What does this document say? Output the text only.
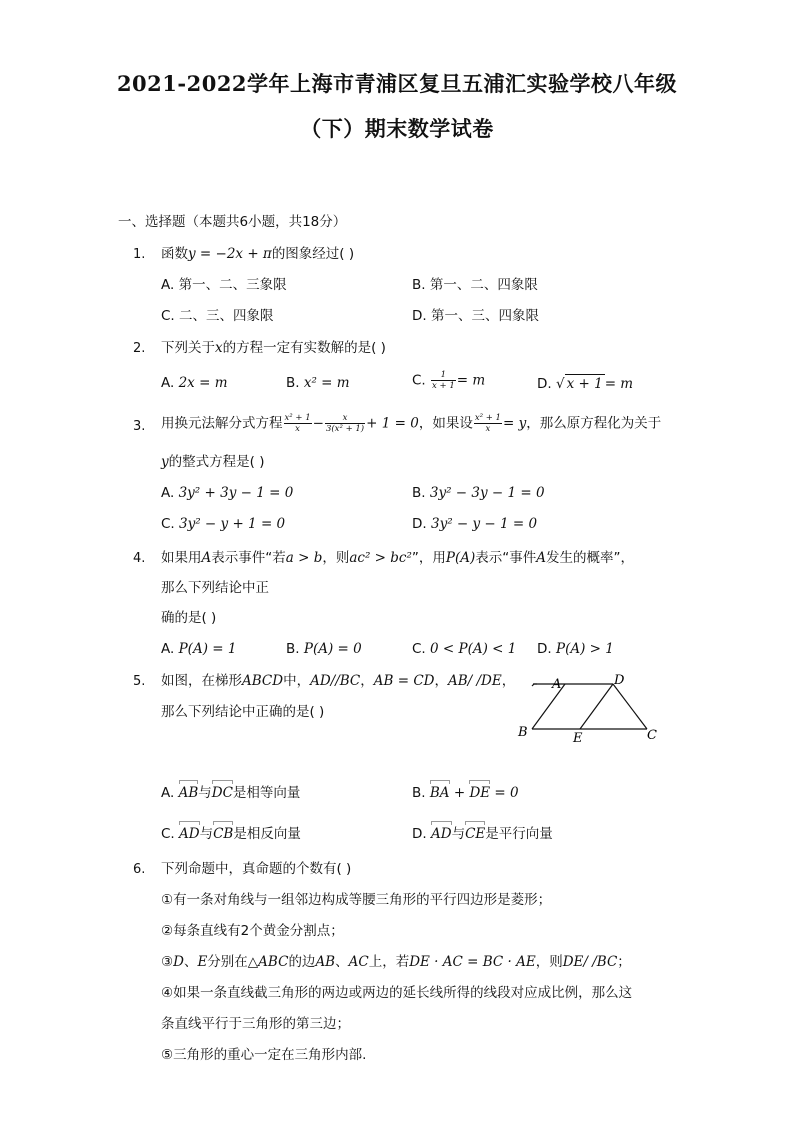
2021-2022学年上海市青浦区复旦五浦汇实验学校八年级
（下）期末数学试卷
一、选择题（本题共6小题，共18分）
1. 函数y = −2x + π的图象经过( )
A. 第一、二、三象限	B. 第一、二、四象限
C. 二、三、四象限	D. 第一、三、四象限
2. 下列关于x的方程一定有实数解的是( )
A. 2x = m	B. x² = m	C. $\frac{1}{x + 1} = m$	D. √ x + 1 = m
3. 用换元法解分式方程 $\frac{\text{x² + 1}}{x} - \frac{x}{\text{3(x² + 1)}} + 1 = 0$，如果设 $\frac{\text{x² + 1}}{x} = y$，那么原方程化为关于
y的整式方程是( )
A. 3y² + 3y − 1 = 0	B. 3y² − 3y − 1 = 0
C. 3y² − y + 1 = 0	D. 3y² − y − 1 = 0
4. 如果用A表示事件“若a > b，则ac² > bc²”，用P(A)表示“事件A发生的概率”，
那么下列结论中正
确的是( )
A. P(A) = 1	B. P(A) = 0	C. 0 < P(A) < 1 D. P(A) > 1
5. 如图，在梯形ABCD中，AD//BC，AB = CD，AB/ /DE，
那么下列结论中正确的是( )
A	D
B	E	C
A. AB与DC是相等向量	B. BA + DE = 0
C. AD与CB是相反向量	D. AD与CE是平行向量
6. 下列命题中，真命题的个数有( )
①有一条对角线与一组邻边构成等腰三角形的平行四边形是菱形；
②每条直线有2个黄金分割点；
③D、E分别在△ABC的边AB、AC上，若DE · AC = BC · AE，则DE/ /BC；
④如果一条直线截三角形的两边或两边的延长线所得的线段对应成比例，那么这
条直线平行于三角形的第三边；
⑤三角形的重心一定在三角形内部.
